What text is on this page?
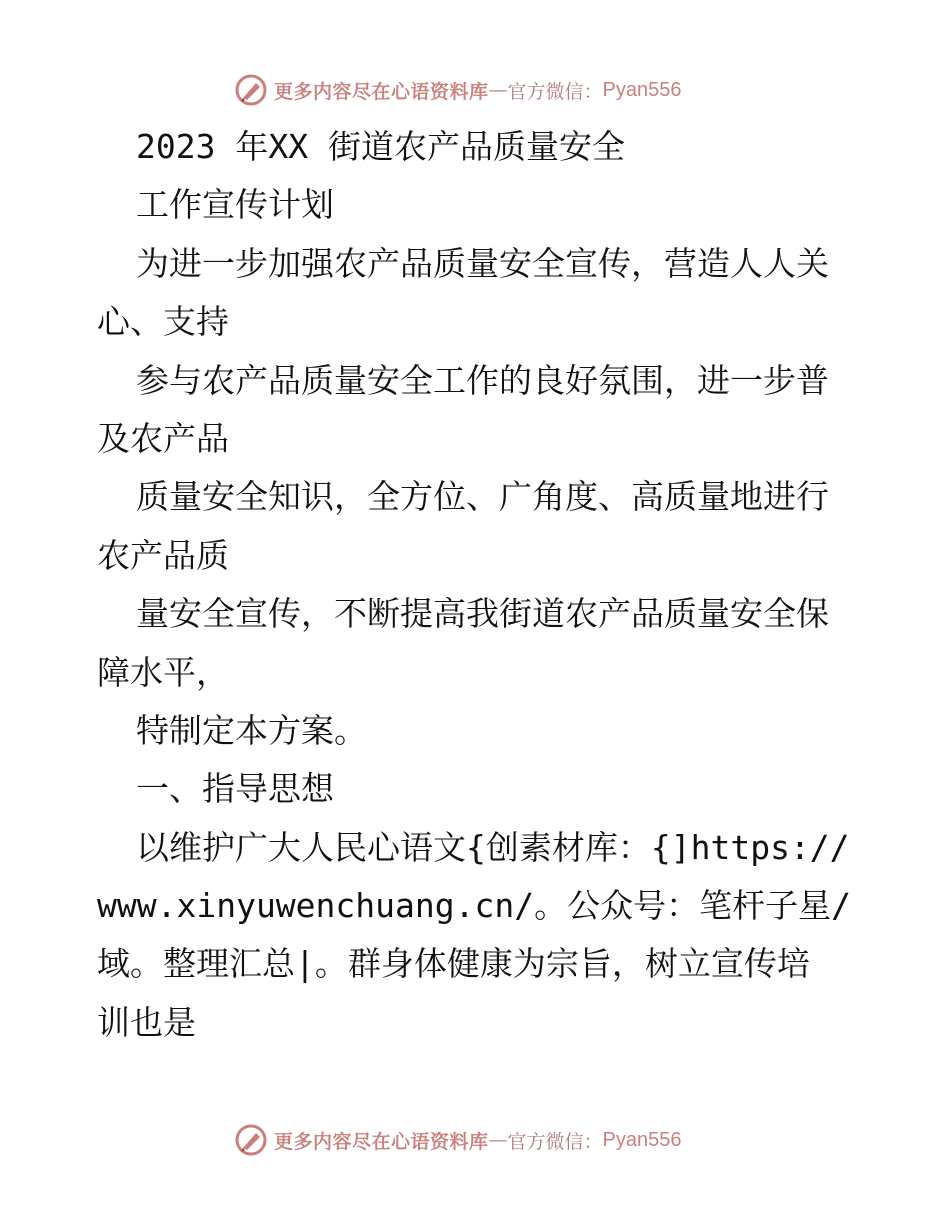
更多内容尽在心语资料库 — 官方微信： Pyan556
2023 年XX 街道农产品质量安全
工作宣传计划
为进一步加强农产品质量安全宣传，营造人人关
心、支持
参与农产品质量安全工作的良好氛围，进一步普
及农产品
质量安全知识，全方位、广角度、高质量地进行
农产品质
量安全宣传，不断提高我街道农产品质量安全保
障水平，
特制定本方案。
一、指导思想
以维护广大人民心语文{创素材库：{]https://
www.xinyuwenchuang.cn/。公众号：笔杆子星/
域。整理汇总|。群身体健康为宗旨，树立宣传培
训也是
更多内容尽在心语资料库 — 官方微信： Pyan556
